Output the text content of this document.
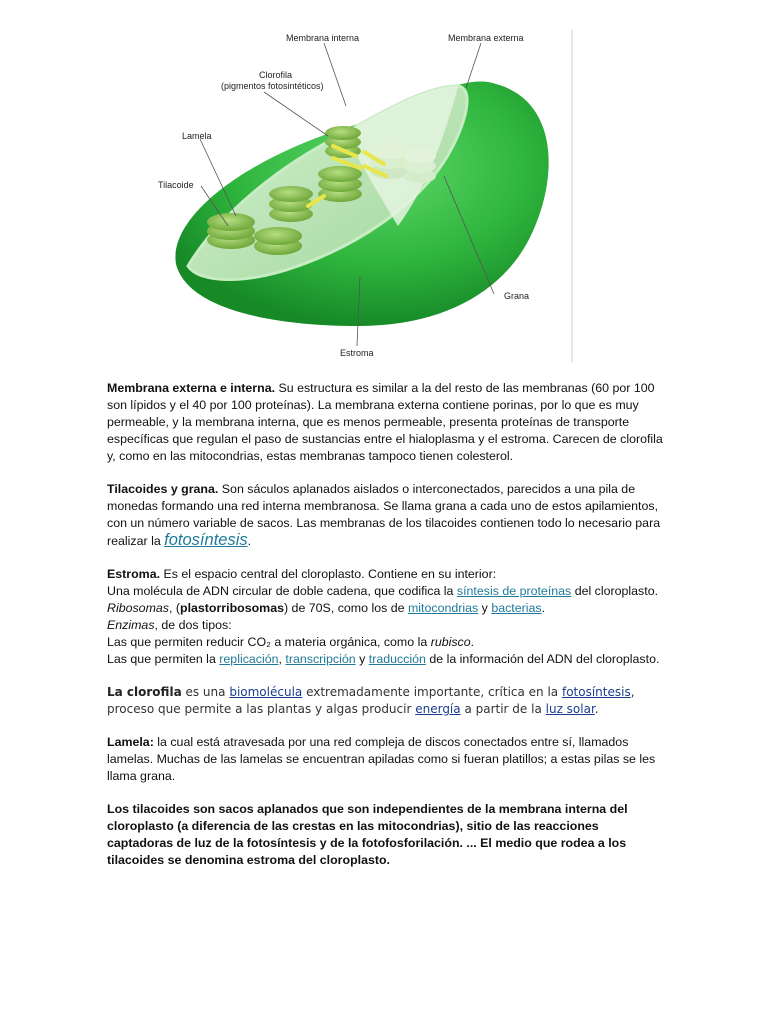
Membrana interna	Membrana externa
Clorofila
(pigmentos fotosintéticos)
Lamela
Tilacoide
Grana
Estroma

Membrana externa e interna. Su estructura es similar a la del resto de las membranas (60 por 100 son lípidos y el 40 por 100 proteínas). La membrana externa contiene porinas, por lo que es muy permeable, y la membrana interna, que es menos permeable, presenta proteínas de transporte específicas que regulan el paso de sustancias entre el hialoplasma y el estroma. Carecen de clorofila y, como en las mitocondrias, estas membranas tampoco tienen colesterol.

Tilacoides y grana. Son sáculos aplanados aislados o interconectados, parecidos a una pila de monedas formando una red interna membranosa. Se llama grana a cada uno de estos apilamientos, con un número variable de sacos. Las membranas de los tilacoides contienen todo lo necesario para realizar la fotosíntesis.

Estroma. Es el espacio central del cloroplasto. Contiene en su interior:
Una molécula de ADN circular de doble cadena, que codifica la síntesis de proteínas del cloroplasto.
Ribosomas, (plastorribosomas) de 70S, como los de mitocondrias y bacterias.
Enzimas, de dos tipos:
Las que permiten reducir CO₂ a materia orgánica, como la rubisco.
Las que permiten la replicación, transcripción y traducción de la información del ADN del cloroplasto.

La clorofila es una biomolécula extremadamente importante, crítica en la fotosíntesis, proceso que permite a las plantas y algas producir energía a partir de la luz solar.

Lamela: la cual está atravesada por una red compleja de discos conectados entre sí, llamados lamelas. Muchas de las lamelas se encuentran apiladas como si fueran platillos; a estas pilas se les llama grana.

Los tilacoides son sacos aplanados que son independientes de la membrana interna del cloroplasto (a diferencia de las crestas en las mitocondrias), sitio de las reacciones captadoras de luz de la fotosíntesis y de la fotofosforilación. ... El medio que rodea a los tilacoides se denomina estroma del cloroplasto.
